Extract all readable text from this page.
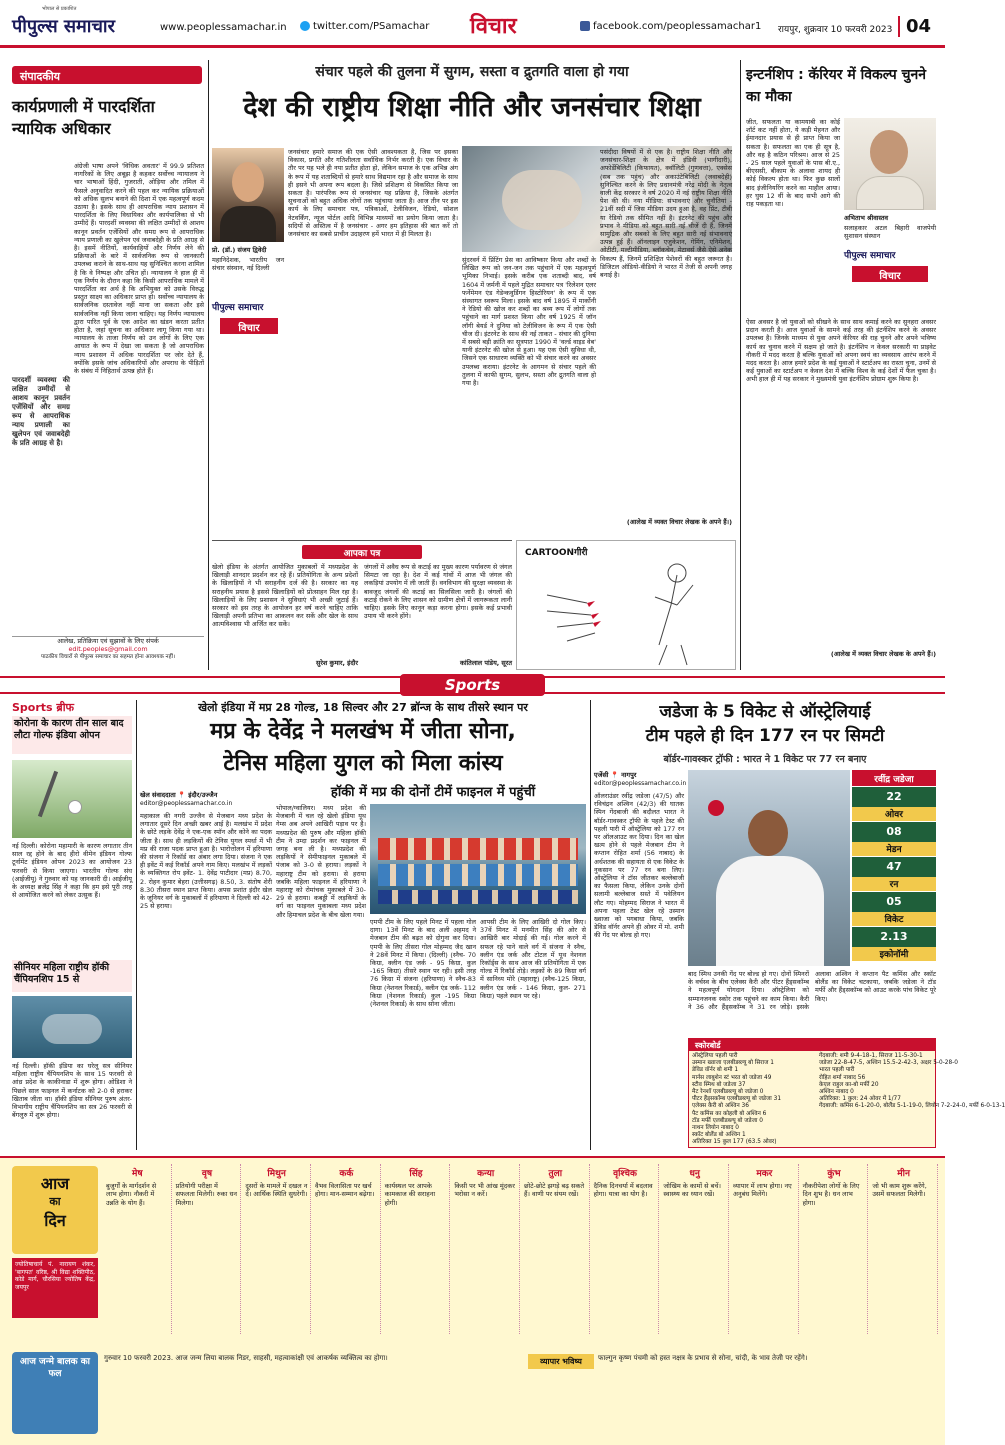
पीपुल्स समाचार
भोपाल से प्रकाशित
www.peoplessamachar.in	twitter.com/PSamachar विचार	facebook.com/peoplessamachar1 रायपुर, शुक्रवार 10 फरवरी 2023 04
संपादकीय
कार्यप्रणाली में पारदर्शिता न्यायिक अधिकार
पारदर्शी व्यवस्था की लक्षित उम्मीदों से आशय कानून प्रवर्तन एजेंसियों और समग्र रूप से आपराधिक न्याय प्रणाली का खुलेपन एवं जवाबदेही के प्रति आग्रह से है।
अंग्रेजी भाषा अपने 'विधिक अवतार' में 99.9 प्रतिशत नागरिकों के लिए अबूझ है कहकर सर्वोच्च न्यायालय ने चार भाषाओं हिंदी, गुजराती, ओड़िया और तमिल में फैसले अनुवादित करने की पहल कर न्यायिक प्रक्रियाओं को अधिक सुलभ बनाने की दिशा में एक महत्वपूर्ण कदम उठाया है। इसके साथ ही आपराधिक न्याय प्रशासन में पारदर्शिता के लिए विधायिका और कार्यपालिका से भी उम्मीदें हैं। पारदर्शी व्यवस्था की लक्षित उम्मीदों से आशय कानून प्रवर्तन एजेंसियों और समग्र रूप से आपराधिक न्याय प्रणाली का खुलेपन एवं जवाबदेही के प्रति आग्रह से है। इसमें नीतियों, कार्यवाहियों और निर्णय लेने की प्रक्रियाओं के बारे में सार्वजनिक रूप से जानकारी उपलब्ध कराने के साथ-साथ यह सुनिश्चित करना शामिल है कि वे निष्पक्ष और उचित हों। न्यायालय ने हाल ही में एक निर्णय के दौरान कहा कि किसी आपराधिक मामले में पारदर्शिता का अर्थ है कि अभियुक्त को उसके विरुद्ध प्रस्तुत साक्ष्य का अधिकार प्राप्त हो। सर्वोच्च न्यायालय के सार्वजनिक दस्तावेज नहीं माना जा सकता और इसे सार्वजनिक नहीं किया जाना चाहिए। यह निर्णय न्यायालय द्वारा पारित पूर्व के एक आदेश का खंडन करता प्रतीत होता है, जहां सूचना का अधिकार लागू किया गया था। न्यायालय के ताजा निर्णय को उन लोगों के लिए एक आघात के रूप में देखा जा सकता है जो आपराधिक न्याय प्रशासन में अधिक पारदर्शिता पर जोर देते हैं, क्योंकि इसके जांच अधिकारियों और अपराध के पीड़ितों के संबंध में निहितार्थ उत्पन्न होते हैं।
आलेख, प्रतिक्रिया एवं सुझावों के लिए संपर्क
edit.peoples@gmail.com
पाठकीय विचारों से पीपुल्स समाचार का सहमत होना आवश्यक नहीं।
संचार पहले की तुलना में सुगम, सस्ता व द्रुतगति वाला हो गया
देश की राष्ट्रीय शिक्षा नीति और जनसंचार शिक्षा
प्रो. (डॉ.) संजय द्विवेदी
महानिदेशक, भारतीय जन संचार संस्थान, नई दिल्ली
पीपुल्स समाचार
विचार
जनसंचार हमारे समाज की एक ऐसी आवश्यकता है, जिस पर इसका विकास, प्रगति और गतिशीलता सर्वाधिक निर्भर करती है। एक विचार के तौर पर यह भले ही नया प्रतीत होता हो, लेकिन समाज के एक अभिन्न अंग के रूप में यह शताब्दियों से हमारे साथ विद्यमान रहा है और समाज के साथ ही इसने भी अपना रूप बदला है। जिसे प्रशिक्षण से विकसित किया जा सकता है। पारंपरिक रूप से जनसंचार यह प्रक्रिया है, जिसके अंतर्गत सूचनाओं को बहुत अधिक लोगों तक पहुंचाया जाता है। आज तीन पर इस कार्य के लिए समाचार पत्र, पत्रिकाओं, टेलीविजन, रेडियो, सोशल नेटवर्किंग, न्यूज पोर्टल आदि विभिन्न माध्यमों का प्रयोग किया जाता है। सदियों से अस्तित्व में है जनसंचार - अगर हम इतिहास की बात करें तो जनसंचार का सबसे प्राचीन उदाहरण हमें भारत में ही मिलता है।
सुंदरवर्न में प्रिंटिंग प्रेस का आविष्कार किया और शब्दों के लिखित रूप को जन-जन तक पहुंचाने में एक महत्वपूर्ण भूमिका निभाई। इसके करीब एक शताब्दी बाद, वर्ष 1604 में जर्मनी में पहले मुद्रित समाचार पत्र 'रिलेशन एलर फर्नेमेमन एंड गेडेन्कवुर्डिगन हिस्टोरियन' के रूप में एक संस्थागत स्वरूप मिला। इसके बाद वर्ष 1895 में मार्कोनी ने रेडियो की खोज कर शब्दों का श्रव्य रूप में लोगों तक पहुंचाने का मार्ग प्रशस्त किया और वर्ष 1925 में जॉन लॉगी बेयर्ड ने दुनिया को टेलीविजन के रूप में एक ऐसी चीज दी। इंटरनेट के साथ की नई ताकत - संचार की दुनिया में सबसे बड़ी क्रांति का सूत्रपात 1990 में 'वर्ल्ड वाइड वेब' यानी इंटरनेट की खोज से हुआ। यह एक ऐसी सुविधा थी, जिसने एक साधारण व्यक्ति को भी संचार करने का अवसर उपलब्ध कराया। इंटरनेट के आगमन से संचार पहले की तुलना में काफी सुगम, सुलभ, सस्ता और द्रुतगति वाला हो गया है।
पसंदीदा विषयों में से एक है। राष्ट्रीय शिक्षा नीति और जनसंचार-शिक्षा के क्षेत्र में इंडिवी (भागीदारी), अफोर्डेबिलिटी (किफायत), क्वॉलिटी (गुणवत्ता), एक्सेस (सब तक पहुंच) और अकाउंटेबिलिटी (जवाबदेही) सुनिश्चित करने के लिए प्रधानमंत्री नरेंद्र मोदी के नेतृत्व वाली केंद्र सरकार ने वर्ष 2020 में नई राष्ट्रीय शिक्षा नीति पेश की थी। नया मीडिया: संभावनाएं और चुनौतियां - 21वीं सदी में जिस मीडिया उदय हुआ है, वह प्रिंट, टीवी या रेडियो तक सीमित नहीं है। इंटरनेट की पहुंच और प्रभाव ने मीडिया को बहुत सारी नई चीजें दी हैं, जिनमें सामुद्रिक और सबको के लिए बहुत सारी नई संभावनाएं उत्पन्न हुई हैं। ऑनलाइन एजुकेशन, गेमिंग, एनिमेशन, ओटीटी, मल्टीमीडिया, ब्लॉकचेन, मेटावर्स जैसे ऐसे अनेक विकल्प हैं, जिनमें प्रशिक्षित पेशेवरों की बहुत जरूरत है। डिजिटल ऑडियो-वीडियो ने भारत में तेजी से अपनी जगह बनाई है।
(आलेख में व्यक्त विचार लेखक के अपने हैं।)
आपका पत्र
खेलो इंडिया के अंतर्गत आयोजित मुकाबलों में मध्यप्रदेश के खिलाड़ी शानदार प्रदर्शन कर रहे हैं। प्रतियोगिता के अन्य प्रदेशों के खिलाड़ियों ने भी सराहनीय दर्ज की है। सरकार का यह सराहनीय प्रयास है इससे खिलाड़ियों को प्रोत्साहन मिल रहा है। खिलाड़ियों के लिए प्रशासन ने सुविधाएं भी अच्छी जुटाई हैं। सरकार को इस तरह के आयोजन हर वर्ष करने चाहिए ताकि खिलाड़ी अपनी प्रतिभा का आकलन कर सकें और खेल के साथ आत्मविश्वास भी अर्जित कर सकें।
सुरेश कुमार, इंदौर
जंगलों में अवैध रूप से कटाई का मुख्य कारण पर्यावरण से जंगल सिमटा जा रहा है। देश में कई गांवों में आज भी जंगल की लकड़ियां उपयोग में ली जाती हैं। वनविभाग की सुरक्षा व्यवस्था के बावजूद जंगलों की कटाई का सिलसिला जारी है। जंगलों की कटाई रोकने के लिए शासन को ग्रामीण क्षेत्रों में जागरूकता लानी चाहिए। इसके लिए कानून कड़ा करना होगा। इसके कई प्रभावी उपाय भी करने होंगे।
कांतिलाल पांडेय, सूरत
CARTOONगीरी
इन्टर्नशिप : कॅरियर में विकल्प चुनने का मौका
जीत, सफलता या कामयाबी का कोई शॉर्ट कट नहीं होता, ये कड़ी मेहनत और ईमानदार प्रयास से ही प्राप्त किया जा सकता है। सफलता का एक ही सूत्र है, और वह है कठिन परिश्रम। आज से 25 - 25 साल पहले युवाओं के पास बी.ए., बीएससी, बीकाम के अलावा शायद ही कोई विकल्प होता था। फिर कुछ सालों बाद इंजीनियरिंग करने का माहौल आया। हर घुस 12 वीं के बाद सभी आगे की राह पकड़ता था।
अभिताभ श्रीवास्तव
सलाहकार अटल बिहारी वाजपेयी सुशासन संस्थान
पीपुल्स समाचार
विचार
ऐसा अवसर है जो युवाओं को सीखने के साथ साथ कमाई करने का सुनहरा अवसर प्रदान करती है। आज युवाओं के सामने कई तरह की इंटर्नशिप करने के अवसर उपलब्ध है। जिनके माध्यम से युवा अपने कॅरियर की राह चुनने और अपने भविष्य कार्य का चुनाव करने में सक्षम हो जाते है। इंटर्नशिप न केवल सरकारी या प्राइवेट नौकरी में मदद करता है बल्कि युवाओं को अपना स्वयं का व्यवसाय आरंभ करने में मदद करता है। आज हमारे प्रदेश के कई युवाओं ने स्टार्टअप का रास्ता चुना, उनमें से कई युवाओं का स्टार्टअप न केवल देश में बल्कि विश्व के कई देशों में फैल चुका है। अभी हाल ही में यह सरकार ने मुख्यमंत्री युवा इंटर्नशिप प्रोग्राम शुरू किया है।
(आलेख में व्यक्त विचार लेखक के अपने हैं।)
Sports
Sports ब्रीफ
कोरोना के कारण तीन साल बाद लौटा गोल्फ इंडिया ओपन
नई दिल्ली। कोरोना महामारी के कारण लगातार तीन साल रद्द होने के बाद हीरो वीमेन इंडियन गोल्फ टूर्नामेंट इंडियन ओपन 2023 का आयोजन 23 फरवरी से किया जाएगा। भारतीय गोल्फ संघ (आईजीयू) ने गुरुवार को यह जानकारी दी। आईजीयू के अध्यक्ष ब्रजेंद्र सिंह ने कहा कि हम इसे पूरी तरह से आयोजित करने को लेकर उत्सुक हैं।
सीनियर महिला राष्ट्रीय हॉकी चैंपियनशिप 15 से
नई दिल्ली। हॉकी इंडिया का घरेलू सत्र सीनियर महिला राष्ट्रीय चैंपियनशिप के साथ 15 फरवरी से आंध्र प्रदेश के काकीनाडा में शुरू होगा। ओडिशा ने पिछले साल फाइनल में कर्नाटक को 2-0 से हराकर खिताब जीता था। हॉकी इंडिया सीनियर पुरुष अंतर-विभागीय राष्ट्रीय चैंपियनशिप का सत्र 26 फरवरी से बेंगलुरु में शुरू होगा।
खेलो इंडिया में मप्र 28 गोल्ड, 18 सिल्वर और 27 ब्रॉन्ज के साथ तीसरे स्थान पर
मप्र के देवेंद्र ने मलखंभ में जीता सोना,
टेनिस महिला युगल को मिला कांस्य
खेल संवाददाता 📍 इंदौर/उज्जैन
editor@peoplessamachar.co.in
हॉकी में मप्र की दोनों टीमें फाइनल में पहुंचीं
महाकाल की नगरी उज्जैन से मेजबान मध्य प्रदेश के लगातार दूसरे दिन अच्छी खबर आई है। मलखंभ में प्रदेश के छोटे लड़के देवेंद्र ने एक-एक स्पॉन और कोने का पदक जीता है। साथ ही लड़कियों की टेनिस युगल स्पर्धा में भी मप्र की राजा पदक प्राप्त हुआ है। भारोत्तोलन में हरियाणा की संजना ने रिकॉर्ड का अंबार लगा दिया। संजना ने एक ही इवेंट में कई रिकॉर्ड अपने नाम किए। मलखंभ में लड़कों के व्यक्तिगत रोप इवेंट- 1. देवेंद्र पाटीदार (मप्र) 8.70, 2. रोहन कुमार बेहरा (उत्तीसगढ़) 8.50, 3. संतोष शेरी 8.30 तीसरा स्थान प्राप्त किया। अपस प्रशांत इंदौर खेल के जूनियर वर्ग के मुकाबलों में हरियाणा ने दिल्ली को 42-25 से हराया।
भोपाल/ग्वालियर। मध्य प्रदेश की मेजबानी में चल रहे खेलो इंडिया यूथ गेम्स अब अपने आखिरी पड़ाव पर है। मध्यप्रदेश की पुरुष और महिला हॉकी टीम ने उम्दा प्रदर्शन कर फाइनल में जगह बना ली है। मध्यप्रदेश की लड़कियों ने सेमीफाइनल मुकाबले में पंजाब को 3-0 से हराया। लड़कों ने महाराष्ट्र टीम को हराया। से हराया जबकि महिला फाइनल में हरियाणा ने महाराष्ट्र को रोमांचक मुकाबले में 30-29 से हराया। कबड्डी में लड़कियों के वर्ग का फाइनल मुकाबला मध्य प्रदेश और हिमाचल प्रदेश के बीच खेला गया।
एमपी टीम के लिए पहले मिनट में पहला गोल दागा। 13वें मिनट के बाद अली अहमद ने मेजबान टीम की बढ़त को दोगुना कर दिया। एमपी के लिए तीसरा गोल मोहम्मद जैद खान ने 28वें मिनट में किया। (दिल्ली) (स्नैच- 70 किग्रा, क्लीन एंड जर्क - 95 किग्रा, कुल -165 किग्रा) तीसरे स्थान पर रही। इसी तरह 76 किग्रा में संजना (हरियाणा) ने स्नैच-83 किग्रा (नेशनल रिकार्ड), क्लीन एंड जर्क- 112 किग्रा (नेशनल रिकार्ड) कुल -195 किग्रा (नेशनल रिकार्ड) के साथ सोना जीता।
आपसी टीम के लिए आखिरी दो गोल किए। 37वें मिनट में मनमीत सिंह की ओर से आखिरी बार मोदाई की गई। गोल करने में सफल रहे पाने वाले वर्ग में संजना ने स्नैच, क्लीन एंड जर्क और टोटल में यूथ नेशनल रिकॉर्ड्स के साथ आज की प्रतियोगिता में एक गोल्ड में रिकॉर्ड तोड़े। लड़कों के 89 किग्रा वर्ग में सानिध्य मोरे (महाराष्ट्र) (स्नैच-125 किग्रा, क्लीन एंड जर्क - 146 किग्रा, कुल- 271 किग्रा) पहले स्थान पर रहे।
जडेजा के 5 विकेट से ऑस्ट्रेलियाई
टीम पहले ही दिन 177 रन पर सिमटी
बॉर्डर-गावस्कर ट्रॉफी : भारत ने 1 विकेट पर 77 रन बनाए
एजेंसी 📍 नागपुर
editor@peoplessamachar.co.in
ऑलराउंडर रवींद्र जडेजा (47/5) और रविचंद्रन अश्विन (42/3) की घातक स्पिन गेंदबाजी की बदौलत भारत ने बॉर्डर-गावस्कर ट्रॉफी के पहले टेस्ट की पहली पारी में ऑस्ट्रेलिया को 177 रन पर ऑलआउट कर दिया। दिन का खेल खत्म होने से पहले मेजबान टीम ने कप्तान रोहित शर्मा (56 नाबाद) के अर्धशतक की सहायता से एक विकेट के नुकसान पर 77 रन बना लिए। ऑस्ट्रेलिया ने टॉस जीतकर बल्लेबाजी का फैसला किया, लेकिन उनके दोनों सलामी बल्लेबाज सस्ते में पवेलियन लौट गए। मोहम्मद सिराज ने भारत में अपना पहला टेस्ट खेल रहे उस्मान ख्वाजा को पगबाधा किया, जबकि डेविड वॉर्नर अपने ही ओवर में मो. शमी की गेंद पर बोल्ड हो गए।
रवींद्र जडेजा
22
ओवर
08
मेडन
47
रन
05
विकेट
2.13
इकोनॉमी
बाद स्मिथ उनकी गेंद पर बोल्ड हो गए। दोनों स्पिनरों के वर्चस्व के बीच एलेक्स कैरी और पीटर हैंड्सकॉम्ब ने महत्वपूर्ण योगदान दिया। ऑस्ट्रेलिया को सम्मानजनक स्कोर तक पहुंचने का काम किया। कैरी ने 36 और हैंड्सकॉम्ब ने 31 रन जोड़े। इसके अलावा अश्विन ने कप्तान पैट कमिंस और स्कॉट बोलैंड का विकेट चटकाया, जबकि जडेजा ने टॉड मर्फी और हैंड्सकॉम्ब को आउट करके पांच विकेट पूरे किए।
स्कोरबोर्ड
ऑस्ट्रेलिया पहली पारी
उस्मान ख्वाजा एलबीडब्ल्यू बो सिराज 1
डेविड वॉर्नर बो शमी 1
मार्नस लाबुशेन स्टं भरत बो जडेजा 49
स्टीव स्मिथ बो जडेजा 37
मैट रेनशॉ एलबीडब्ल्यू बो जडेजा 0
पीटर हैंड्सकॉम्ब एलबीडब्ल्यू बो जडेजा 31
एलेक्स कैरी बो अश्विन 36
पैट कमिंस का कोहली बो अश्विन 6
टॉड मर्फी एलबीडब्ल्यू बो जडेजा 0
नाथन लियोन नाबाद 0
स्कॉट बोलैंड बो अश्विन 1
अतिरिक्त 15 कुल 177 (63.5 ओवर)
गेंदबाजी: शमी 9-4-18-1, सिराज 11-5-30-1
जडेजा 22-8-47-5, अश्विन 15.5-2-42-3, अक्षर 5-0-28-0
भारत पहली पारी
रोहित शर्मा नाबाद 56
केएल राहुल का-बो मर्फी 20
अश्विन नाबाद 0
अतिरिक्त: 1 कुल: 24 ओवर में 1/77
गेंदबाजी: कमिंस 6-1-20-0, बोलैंड 5-1-19-0, लियोन 7-2-24-0, मर्फी 6-0-13-1
आज
का
दिन
ज्योतिषाचार्य पं. नारायण शंकर, 'बागपत' वरिष्ठ, श्री विद्या शक्तिपीठ, कोडे मार्ग, चौरसिया ज्योतिष केंद्र, जयपुर
मेष
बुजुर्गों के मार्गदर्शन से लाभ होगा। नौकरी में उन्नति के योग हैं।
वृष
प्रतियोगी परीक्षा में सफलता मिलेगी। रुका धन मिलेगा।
मिथुन
दूसरों के मामले में दखल न दें। आर्थिक स्थिति सुधरेगी।
कर्क
वैभव विलासिता पर खर्च होगा। मान-सम्मान बढ़ेगा।
सिंह
कार्यस्थल पर आपके कामकाज की सराहना होगी।
कन्या
किसी पर भी आंख मूंदकर भरोसा न करें।
तुला
छोटे-छोटे झगड़े बढ़ सकते हैं। वाणी पर संयम रखें।
वृश्चिक
दैनिक दिनचर्या में बदलाव होगा। यात्रा का योग है।
धनु
जोखिम के कामों से बचें। स्वास्थ्य का ध्यान रखें।
मकर
व्यापार में लाभ होगा। नए अनुबंध मिलेंगे।
कुंभ
नौकरीपेशा लोगों के लिए दिन शुभ है। धन लाभ होगा।
मीन
जो भी काम शुरू करेंगे, उसमें सफलता मिलेगी।
आज जन्मे बालक का फल
गुरुवार 10 फरवरी 2023. आज जन्म लिया बालक निडर, साहसी, महत्वाकांक्षी एवं आकर्षक व्यक्तित्व का होगा।	व्यापार भविष्य	फाल्गुन कृष्ण पंचमी को हस्त नक्षत्र के प्रभाव से सोना, चांदी, के भाव तेजी पर रहेंगे।
